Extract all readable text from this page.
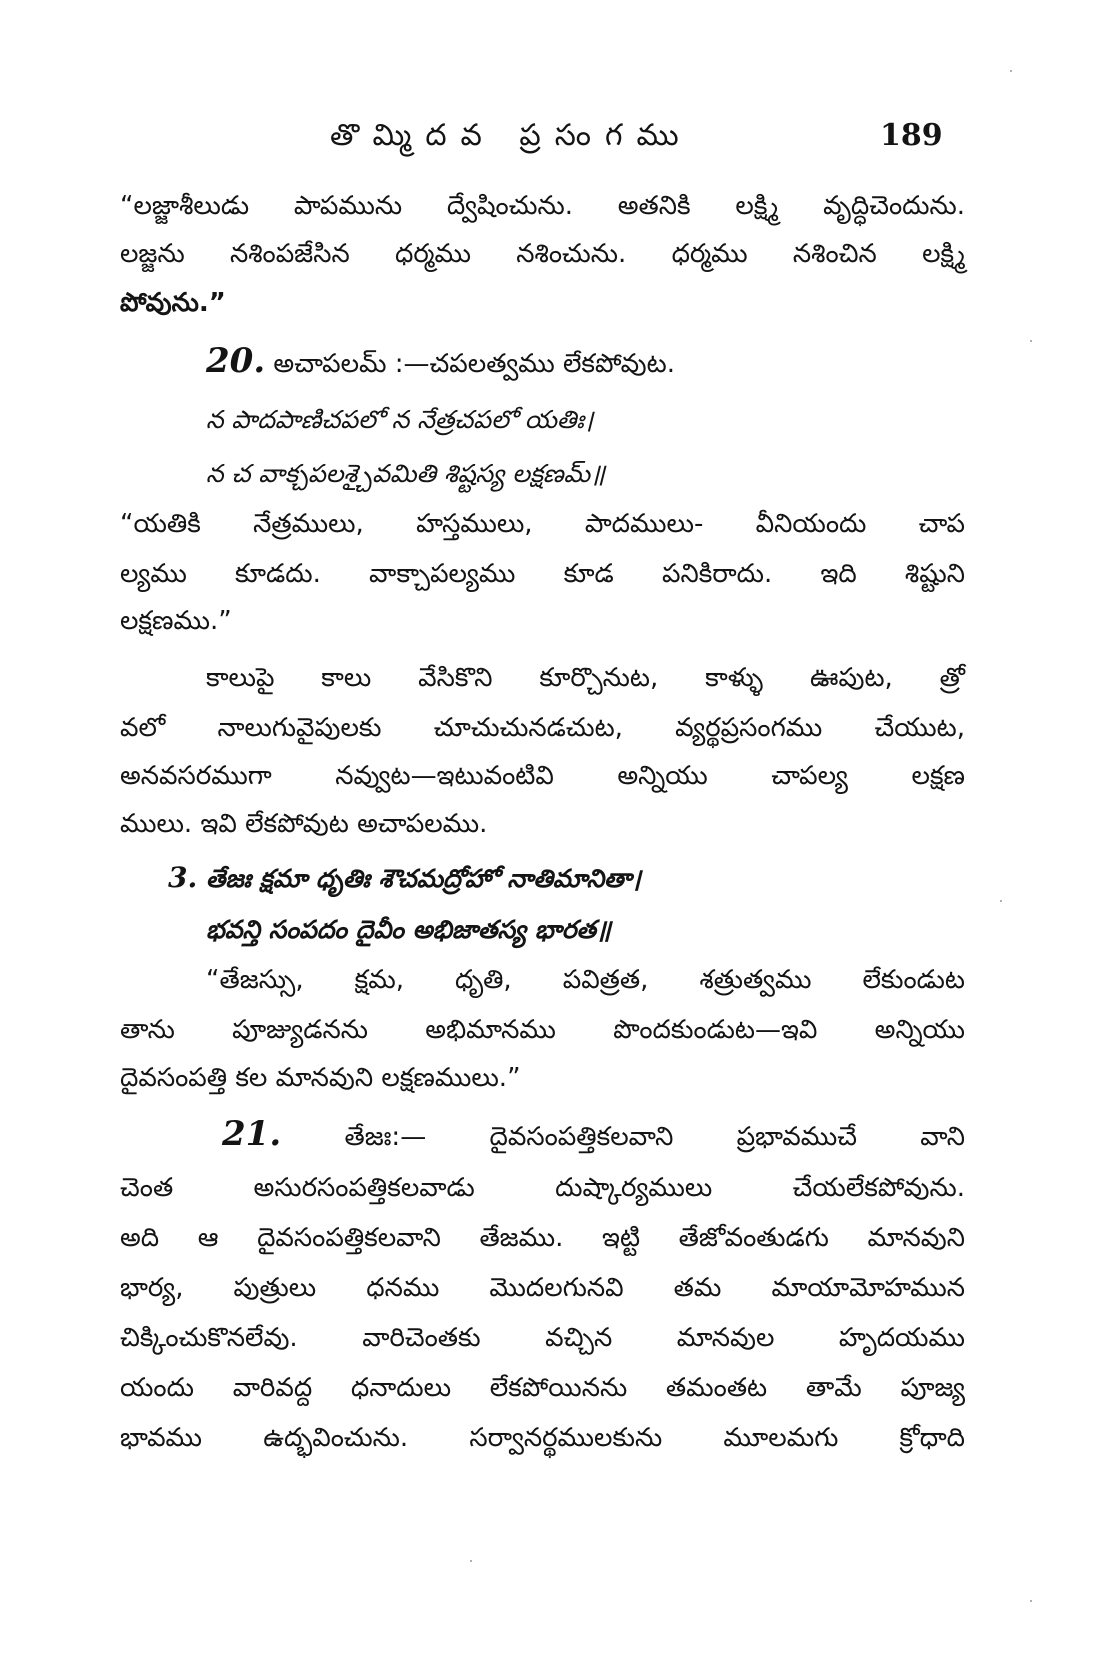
తొమ్మిదవ ప్రసంగము	189
“లజ్జాశీలుడు పాపమును ద్వేషించును. అతనికి లక్ష్మి వృద్ధిచెందును.
లజ్జను నశింపజేసిన ధర్మము నశించును. ధర్మము నశించిన లక్ష్మి
పోవును.”
20. అచాపలమ్ :—చపలత్వము లేకపోవుట.
న పాదపాణిచపలో న నేత్రచపలో యతిః।
న చ వాక్చపలశ్చైవమితి శిష్టస్య లక్షణమ్॥
“యతికి నేత్రములు, హస్తములు, పాదములు- వీనియందు చాప
ల్యము కూడదు. వాక్చాపల్యము కూడ పనికిరాదు. ఇది శిష్టుని
లక్షణము.”
కాలుపై కాలు వేసికొని కూర్చొనుట, కాళ్ళు ఊపుట, త్రో
వలో నాలుగువైపులకు చూచుచునడచుట, వ్యర్థప్రసంగము చేయుట,
అనవసరముగా నవ్వుట—ఇటువంటివి అన్నియు చాపల్య లక్షణ
ములు. ఇవి లేకపోవుట అచాపలము.
3. తేజః క్షమా ధృతిః శౌచమద్రోహో నాతిమానితా।
భవన్తి సంపదం దైవీం అభిజాతస్య భారత॥
“తేజస్సు, క్షమ, ధృతి, పవిత్రత, శత్రుత్వము లేకుండుట
తాను పూజ్యుడనను అభిమానము పొందకుండుట—ఇవి అన్నియు
దైవసంపత్తి కల మానవుని లక్షణములు.”
21. తేజః:— దైవసంపత్తికలవాని ప్రభావముచే వాని
చెంత అసురసంపత్తికలవాడు దుష్కార్యములు చేయలేకపోవును.
అది ఆ దైవసంపత్తికలవాని తేజము. ఇట్టి తేజోవంతుడగు మానవుని
భార్య, పుత్రులు ధనము మొదలగునవి తమ మాయామోహమున
చిక్కించుకొనలేవు. వారిచెంతకు వచ్చిన మానవుల హృదయము
యందు వారివద్ద ధనాదులు లేకపోయినను తమంతట తామే పూజ్య
భావము ఉద్భవించును. సర్వానర్థములకును మూలమగు క్రోధాది
